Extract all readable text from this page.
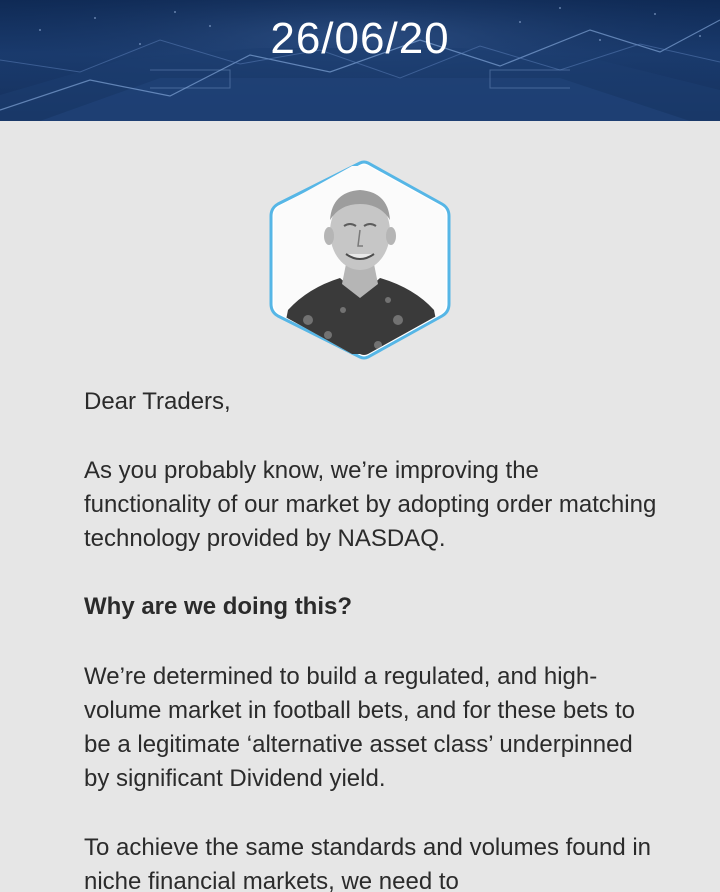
26/06/20

Dear Traders,

As you probably know, we’re improving the functionality of our market by adopting order matching technology provided by NASDAQ.

Why are we doing this?

We’re determined to build a regulated, and high-volume market in football bets, and for these bets to be a legitimate ‘alternative asset class’ underpinned by significant Dividend yield.

To achieve the same standards and volumes found in niche financial markets, we need to
